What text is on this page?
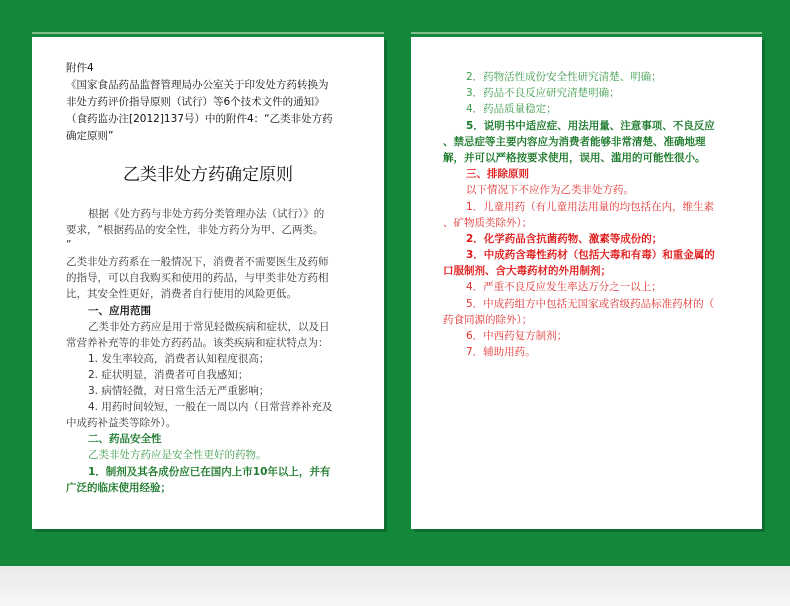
附件4
《国家食品药品监督管理局办公室关于印发处方药转换为
非处方药评价指导原则（试行）等6个技术文件的通知》
（食药监办注[2012]137号）中的附件4：“乙类非处方药
确定原则”
乙类非处方药确定原则
根据《处方药与非处方药分类管理办法（试行）》的
要求，“根据药品的安全性，非处方药分为甲、乙两类。
”
乙类非处方药系在一般情况下，消费者不需要医生及药师
的指导，可以自我购买和使用的药品，与甲类非处方药相
比，其安全性更好，消费者自行使用的风险更低。
一、应用范围
乙类非处方药应是用于常见轻微疾病和症状，以及日
常营养补充等的非处方药药品。该类疾病和症状特点为：
1. 发生率较高，消费者认知程度很高；
2. 症状明显，消费者可自我感知；
3. 病情轻微，对日常生活无严重影响；
4. 用药时间较短，一般在一周以内（日常营养补充及
中成药补益类等除外）。
二、药品安全性
乙类非处方药应是安全性更好的药物。
1．制剂及其各成份应已在国内上市10年以上，并有
广泛的临床使用经验；
2．药物活性成份安全性研究清楚、明确；
3．药品不良反应研究清楚明确；
4．药品质量稳定；
5．说明书中适应症、用法用量、注意事项、不良反应
、禁忌症等主要内容应为消费者能够非常清楚、准确地理
解，并可以严格按要求使用，误用、滥用的可能性很小。
三、排除原则
以下情况下不应作为乙类非处方药。
1．儿童用药（有儿童用法用量的均包括在内，维生素
、矿物质类除外）；
2．化学药品含抗菌药物、激素等成份的；
3．中成药含毒性药材（包括大毒和有毒）和重金属的
口服制剂、含大毒药材的外用制剂；
4．严重不良反应发生率达万分之一以上；
5．中成药组方中包括无国家或省级药品标准药材的（
药食同源的除外）；
6．中西药复方制剂；
7．辅助用药。
